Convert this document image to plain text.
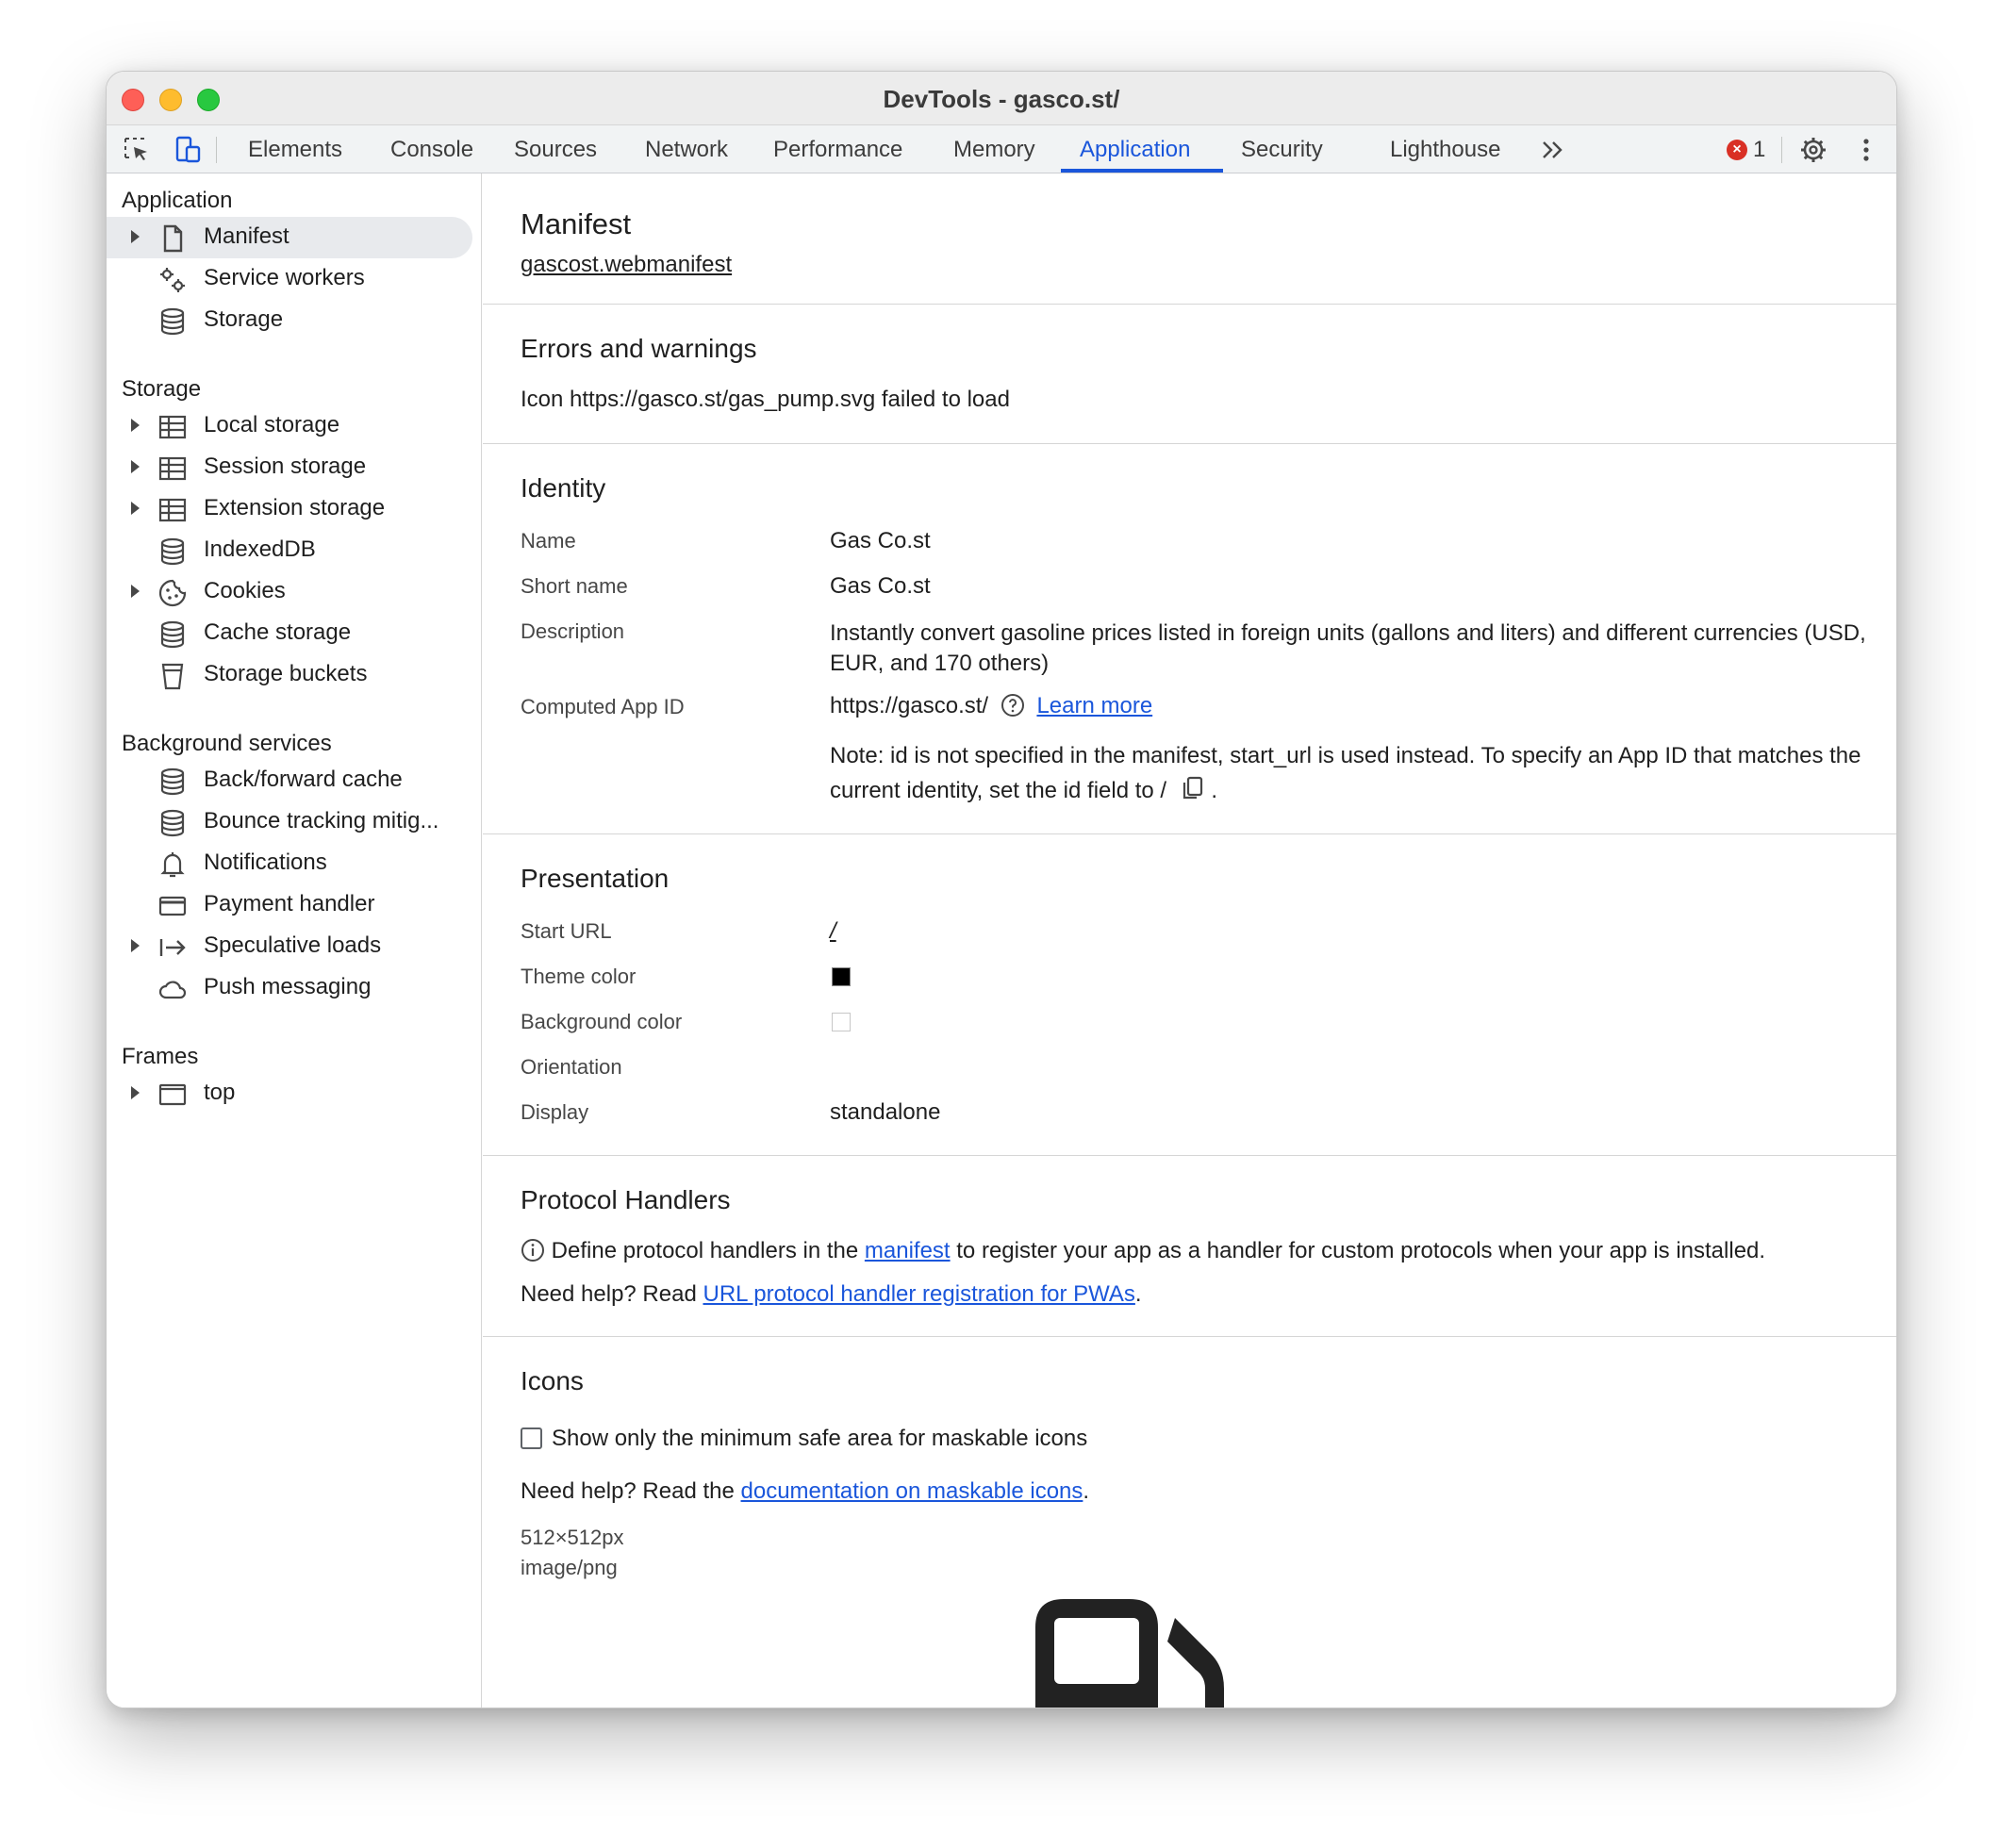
DevTools - gasco.st/
Elements Console Sources Network Performance Memory Application Security	Lighthouse	× 1
Application
Manifest
Service workers
Storage
Storage
Local storage
Session storage
Extension storage
IndexedDB
Cookies
Cache storage
Storage buckets
Background services
Back/forward cache
Bounce tracking mitig...
Notifications
Payment handler
Speculative loads
Push messaging
Frames
top
Manifest
gascost.webmanifest
Errors and warnings
Icon https://gasco.st/gas_pump.svg failed to load
Identity
Name	Gas Co.st
Short name	Gas Co.st
Description	Instantly convert gasoline prices listed in foreign units (gallons and liters) and different currencies (USD, EUR, and 170 others)
Computed App ID	https://gasco.st/ Learn more
Note: id is not specified in the manifest, start_url is used instead. To specify an App ID that matches the current identity, set the id field to / .
Presentation
Start URL	/
Theme color
Background color
Orientation
Display	standalone
Protocol Handlers
Define protocol handlers in the manifest to register your app as a handler for custom protocols when your app is installed.
Need help? Read URL protocol handler registration for PWAs.
Icons
Show only the minimum safe area for maskable icons
Need help? Read the documentation on maskable icons.
512×512px
image/png
